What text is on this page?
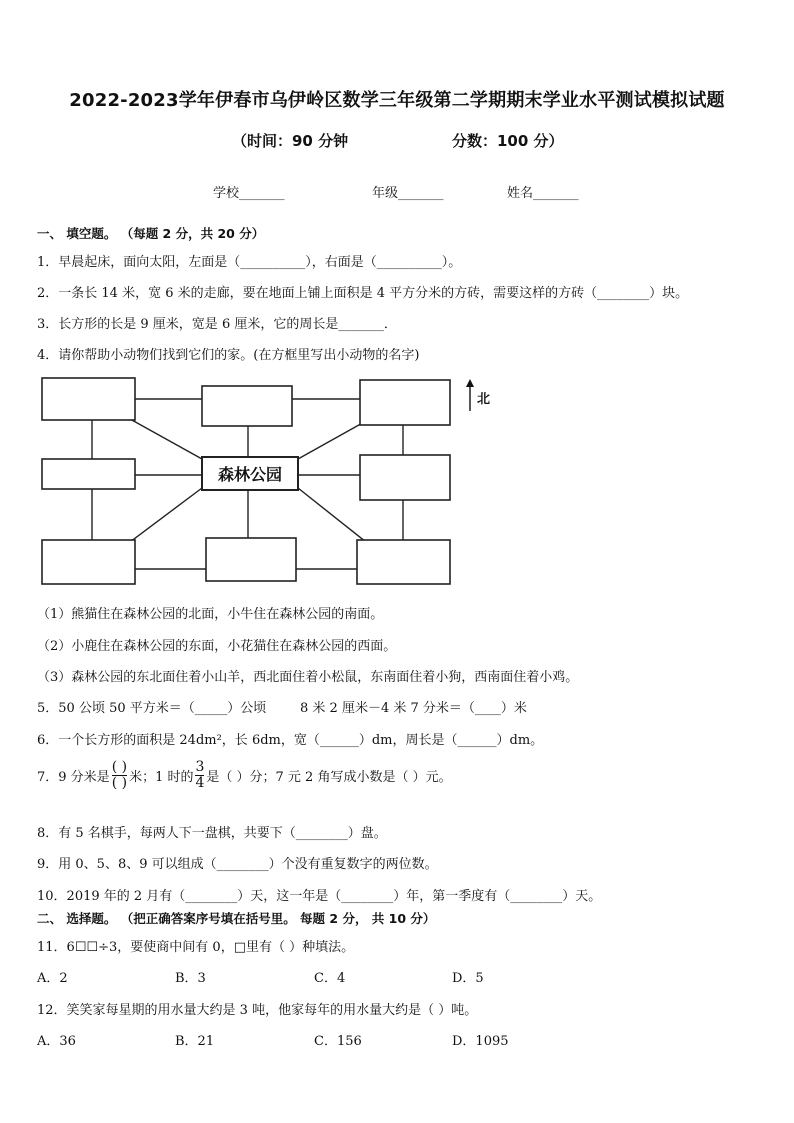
2022-2023学年伊春市乌伊岭区数学三年级第二学期期末学业水平测试模拟试题
（时间：90 分钟	分数：100 分）
学校_______	年级_______	姓名_______
一、 填空题。 （每题 2 分，共 20 分）
1．早晨起床，面向太阳，左面是（__________），右面是（__________）。
2．一条长 14 米，宽 6 米的走廊，要在地面上铺上面积是 4 平方分米的方砖，需要这样的方砖（________）块。
3．长方形的长是 9 厘米，宽是 6 厘米，它的周长是_______．
4．请你帮助小动物们找到它们的家。(在方框里写出小动物的名字)
森林公园
北
（1）熊猫住在森林公园的北面，小牛住在森林公园的南面。
（2）小鹿住在森林公园的东面，小花猫住在森林公园的西面。
（3）森林公园的东北面住着小山羊，西北面住着小松鼠，东南面住着小狗，西南面住着小鸡。
5．50 公顷 50 平方米＝（_____）公顷	8 米 2 厘米－4 米 7 分米＝（____）米
6．一个长方形的面积是 24dm²，长 6dm，宽（______）dm，周长是（______）dm。
7．9 分米是 $\frac{( )}{( )}$ 米；1 时的 $\frac{3}{4}$ 是（ ）分；7 元 2 角写成小数是（ ）元。
8．有 5 名棋手，每两人下一盘棋，共要下（________）盘。
9．用 0、5、8、9 可以组成（________）个没有重复数字的两位数。
10．2019 年的 2 月有（________）天，这一年是（________）年，第一季度有（________）天。
二、 选择题。 （把正确答案序号填在括号里。 每题 2 分， 共 10 分）
11．6☐☐÷3，要使商中间有 0，□里有（ ）种填法。
A．2	B．3	C．4	D．5
12．笑笑家每星期的用水量大约是 3 吨，他家每年的用水量大约是（ ）吨。
A．36	B．21	C．156	D．1095
